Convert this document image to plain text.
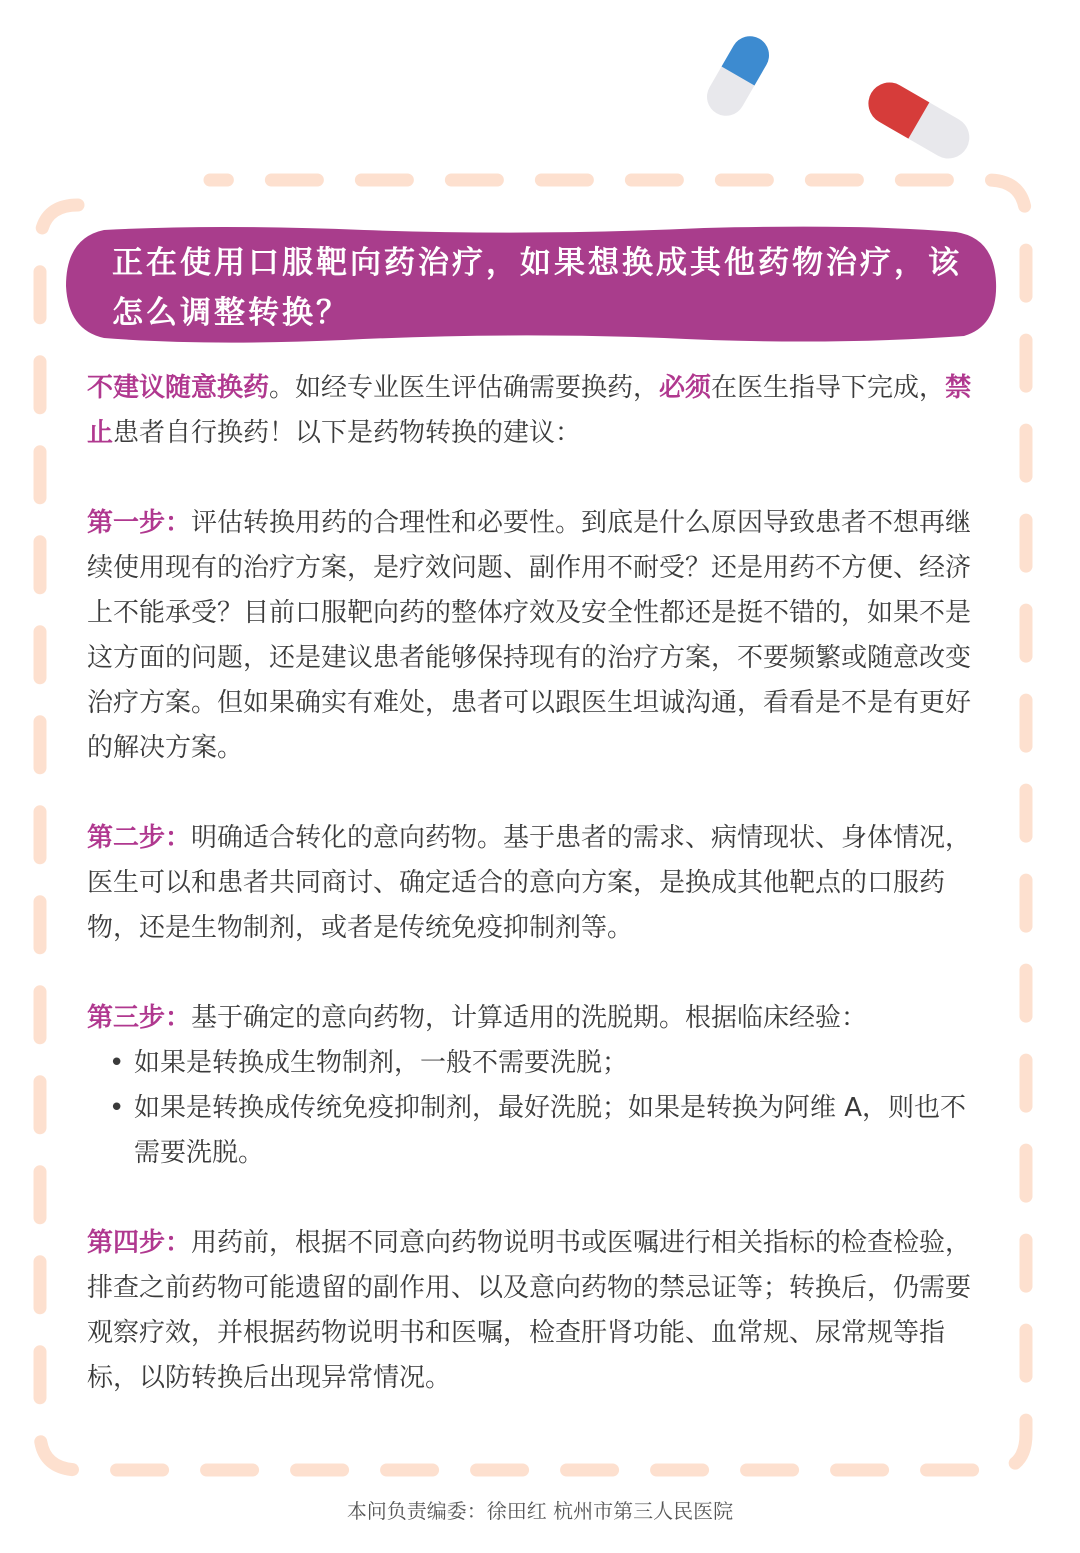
正在使用口服靶向药治疗，如果想换成其他药物治疗，该怎么调整转换？

不建议随意换药。如经专业医生评估确需要换药，必须在医生指导下完成，禁止患者自行换药！以下是药物转换的建议：

第一步：评估转换用药的合理性和必要性。到底是什么原因导致患者不想再继续使用现有的治疗方案，是疗效问题、副作用不耐受？还是用药不方便、经济上不能承受？目前口服靶向药的整体疗效及安全性都还是挺不错的，如果不是这方面的问题，还是建议患者能够保持现有的治疗方案，不要频繁或随意改变治疗方案。但如果确实有难处，患者可以跟医生坦诚沟通，看看是不是有更好的解决方案。

第二步：明确适合转化的意向药物。基于患者的需求、病情现状、身体情况，医生可以和患者共同商讨、确定适合的意向方案，是换成其他靶点的口服药物，还是生物制剂，或者是传统免疫抑制剂等。

第三步：基于确定的意向药物，计算适用的洗脱期。根据临床经验：

• 如果是转换成生物制剂，一般不需要洗脱；
• 如果是转换成传统免疫抑制剂，最好洗脱；如果是转换为阿维 A，则也不需要洗脱。

第四步：用药前，根据不同意向药物说明书或医嘱进行相关指标的检查检验，排查之前药物可能遗留的副作用、以及意向药物的禁忌证等；转换后，仍需要观察疗效，并根据药物说明书和医嘱，检查肝肾功能、血常规、尿常规等指标，以防转换后出现异常情况。

本问负责编委：徐田红 杭州市第三人民医院
